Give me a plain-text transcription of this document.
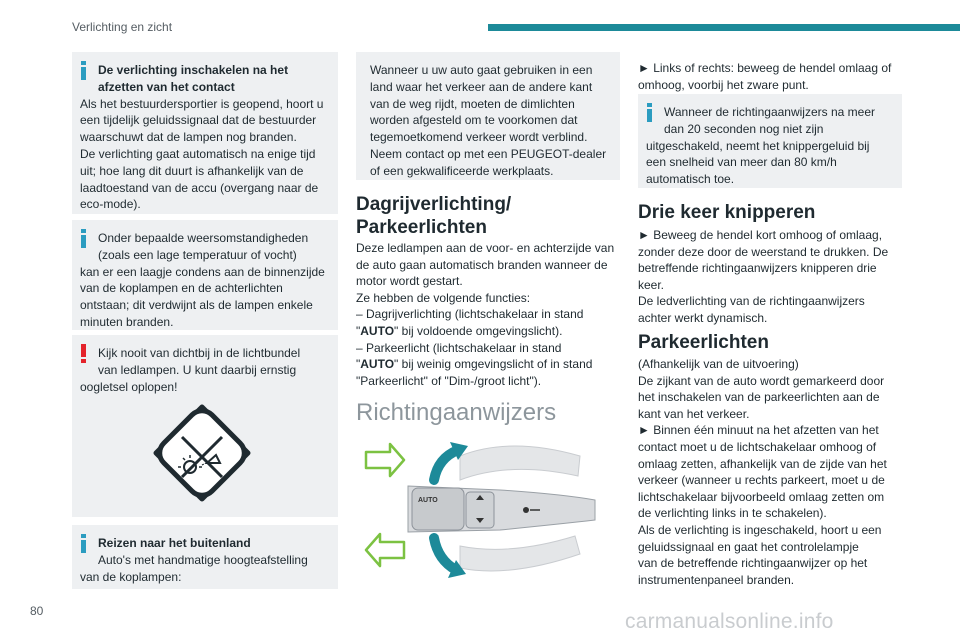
Verlichting en zicht

De verlichting inschakelen na het

afzetten van het contact

Als het bestuurdersportier is geopend, hoort u

een tijdelijk geluidssignaal dat de bestuurder

waarschuwt dat de lampen nog branden.

De verlichting gaat automatisch na enige tijd

uit; hoe lang dit duurt is afhankelijk van de

laadtoestand van de accu (overgang naar de

eco-mode).

Onder bepaalde weersomstandigheden

(zoals een lage temperatuur of vocht)

kan er een laagje condens aan de binnenzijde

van de koplampen en de achterlichten

ontstaan; dit verdwijnt als de lampen enkele

minuten branden.

Kijk nooit van dichtbij in de lichtbundel

van ledlampen. U kunt daarbij ernstig

oogletsel oplopen!

Reizen naar het buitenland

Auto's met handmatige hoogteafstelling

van de koplampen:

Wanneer u uw auto gaat gebruiken in een

land waar het verkeer aan de andere kant

van de weg rijdt, moeten de dimlichten

worden afgesteld om te voorkomen dat

tegemoetkomend verkeer wordt verblind.

Neem contact op met een PEUGEOT-dealer

of een gekwalificeerde werkplaats.

Dagrijverlichting/
Parkeerlichten

Deze ledlampen aan de voor- en achterzijde van

de auto gaan automatisch branden wanneer de

motor wordt gestart.

Ze hebben de volgende functies:

– Dagrijverlichting (lichtschakelaar in stand

"AUTO" bij voldoende omgevingslicht).

– Parkeerlicht (lichtschakelaar in stand

"AUTO" bij weinig omgevingslicht of in stand

"Parkeerlicht" of "Dim-/groot licht").

Richtingaanwijzers
AUTO

► Links of rechts: beweeg de hendel omlaag of

omhoog, voorbij het zware punt.

Wanneer de richtingaanwijzers na meer

dan 20 seconden nog niet zijn

uitgeschakeld, neemt het knippergeluid bij

een snelheid van meer dan 80 km/h

automatisch toe.

Drie keer knipperen

► Beweeg de hendel kort omhoog of omlaag,

zonder deze door de weerstand te drukken. De

betreffende richtingaanwijzers knipperen drie

keer.

De ledverlichting van de richtingaanwijzers

achter werkt dynamisch.

Parkeerlichten

(Afhankelijk van de uitvoering)

De zijkant van de auto wordt gemarkeerd door

het inschakelen van de parkeerlichten aan de

kant van het verkeer.

► Binnen één minuut na het afzetten van het

contact moet u de lichtschakelaar omhoog of

omlaag zetten, afhankelijk van de zijde van het

verkeer (wanneer u rechts parkeert, moet u de

lichtschakelaar bijvoorbeeld omlaag zetten om

de verlichting links in te schakelen).

Als de verlichting is ingeschakeld, hoort u een

geluidssignaal en gaat het controlelampje

van de betreffende richtingaanwijzer op het

instrumentenpaneel branden.

80	carmanualsonline.info
